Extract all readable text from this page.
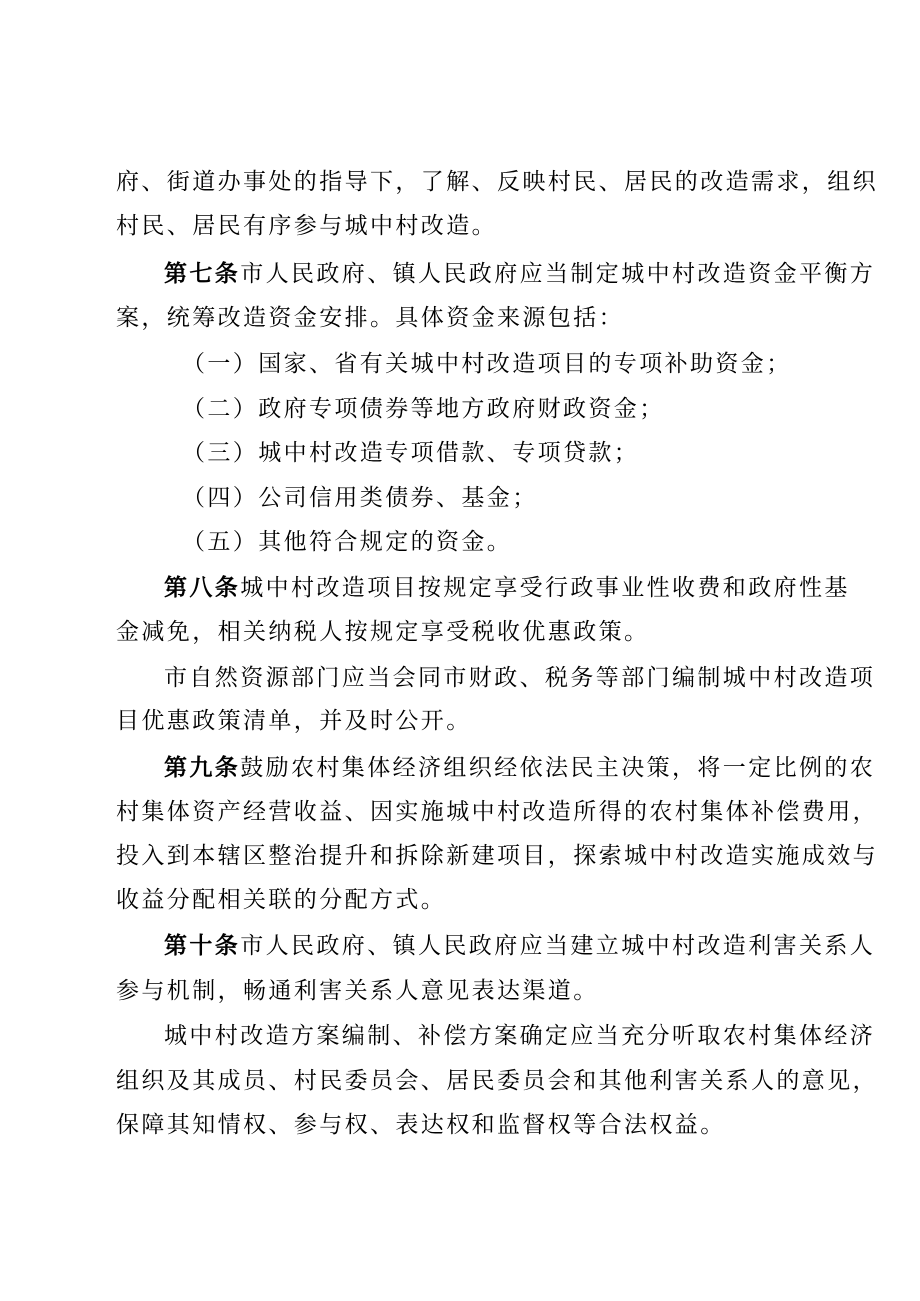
府、街道办事处的指导下，了解、反映村民、居民的改造需求，组织
村民、居民有序参与城中村改造。
第七条市人民政府、镇人民政府应当制定城中村改造资金平衡方
案，统筹改造资金安排。具体资金来源包括：
（一）国家、省有关城中村改造项目的专项补助资金；
（二）政府专项债券等地方政府财政资金；
（三）城中村改造专项借款、专项贷款；
（四）公司信用类债券、基金；
（五）其他符合规定的资金。
第八条城中村改造项目按规定享受行政事业性收费和政府性基
金减免，相关纳税人按规定享受税收优惠政策。
市自然资源部门应当会同市财政、税务等部门编制城中村改造项
目优惠政策清单，并及时公开。
第九条鼓励农村集体经济组织经依法民主决策，将一定比例的农
村集体资产经营收益、因实施城中村改造所得的农村集体补偿费用，
投入到本辖区整治提升和拆除新建项目，探索城中村改造实施成效与
收益分配相关联的分配方式。
第十条市人民政府、镇人民政府应当建立城中村改造利害关系人
参与机制，畅通利害关系人意见表达渠道。
城中村改造方案编制、补偿方案确定应当充分听取农村集体经济
组织及其成员、村民委员会、居民委员会和其他利害关系人的意见，
保障其知情权、参与权、表达权和监督权等合法权益。
